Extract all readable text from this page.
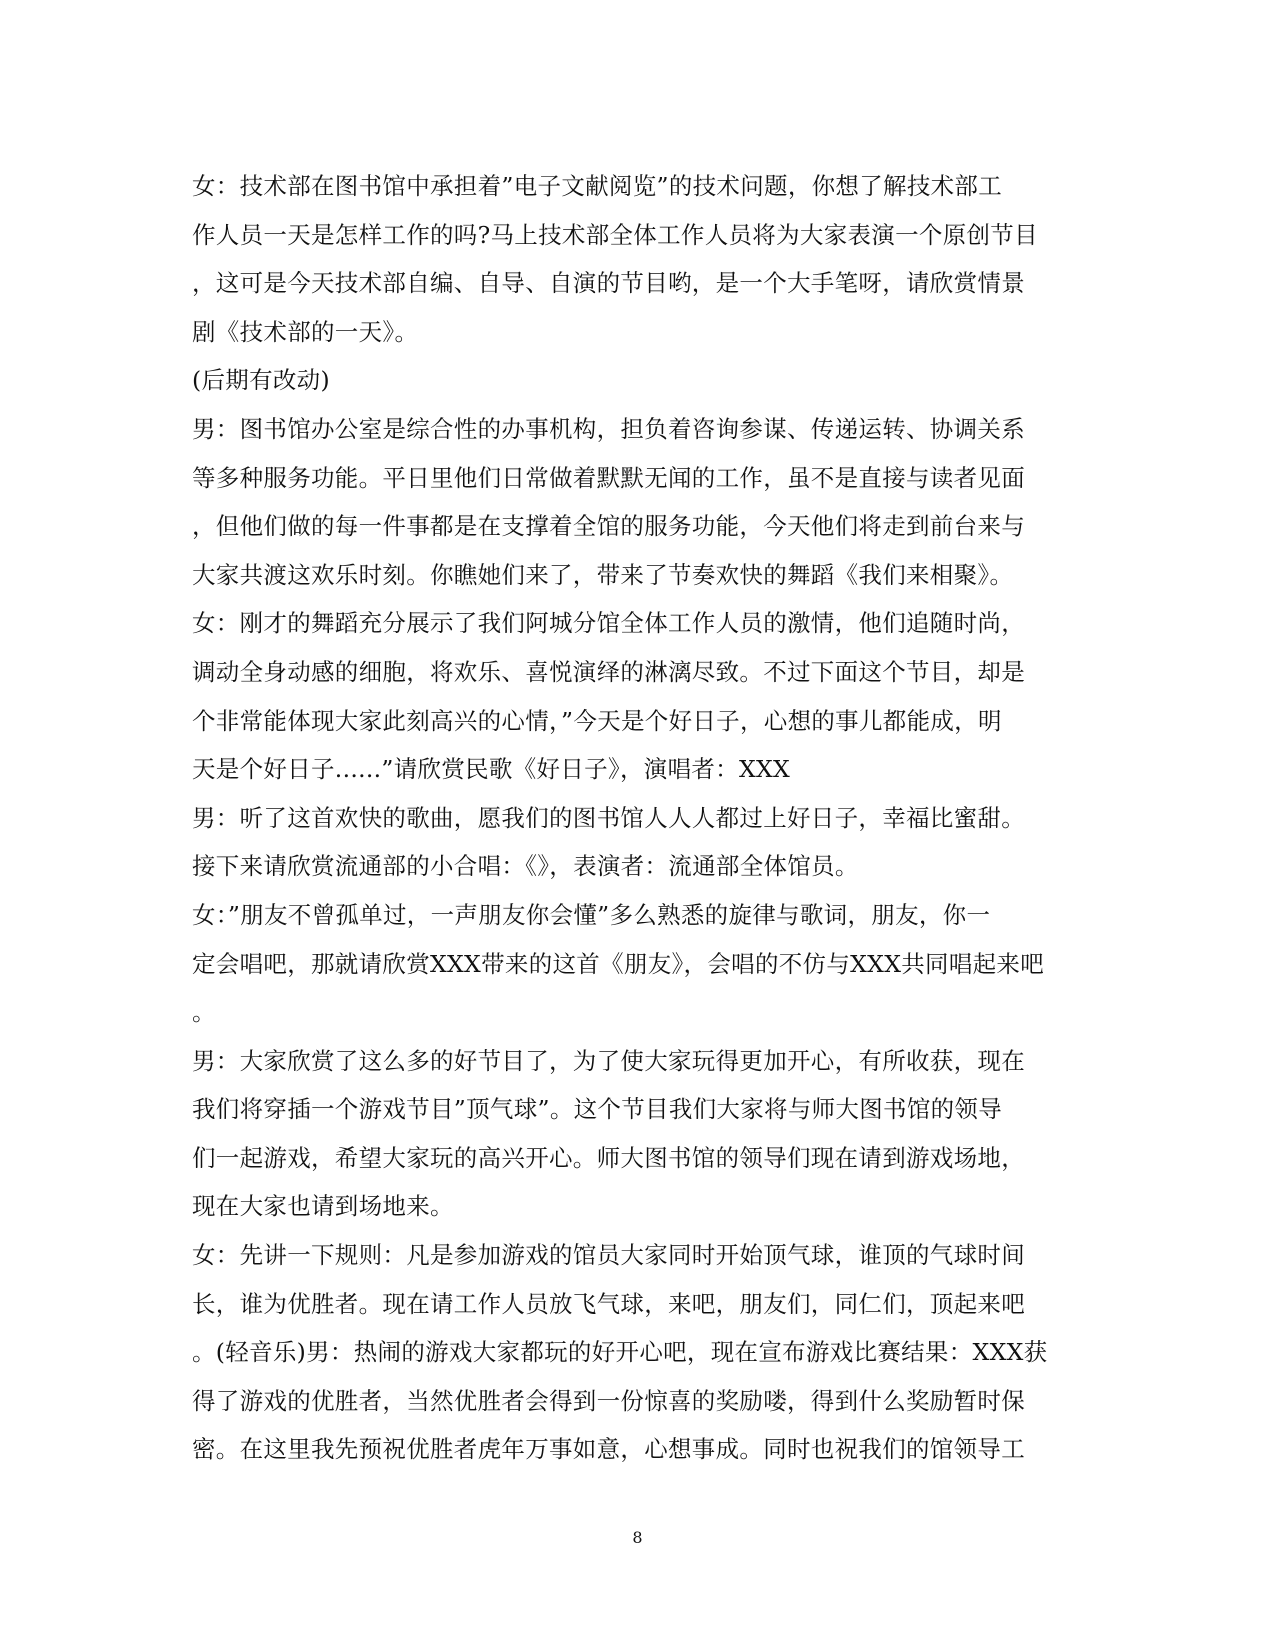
女：技术部在图书馆中承担着”电子文献阅览”的技术问题，你想了解技术部工
作人员一天是怎样工作的吗?马上技术部全体工作人员将为大家表演一个原创节目
，这可是今天技术部自编、自导、自演的节目哟，是一个大手笔呀，请欣赏情景
剧《技术部的一天》。
(后期有改动)
男：图书馆办公室是综合性的办事机构，担负着咨询参谋、传递运转、协调关系
等多种服务功能。平日里他们日常做着默默无闻的工作，虽不是直接与读者见面
，但他们做的每一件事都是在支撑着全馆的服务功能，今天他们将走到前台来与
大家共渡这欢乐时刻。你瞧她们来了，带来了节奏欢快的舞蹈《我们来相聚》。
女：刚才的舞蹈充分展示了我们阿城分馆全体工作人员的激情，他们追随时尚，
调动全身动感的细胞，将欢乐、喜悦演绎的淋漓尽致。不过下面这个节目，却是
个非常能体现大家此刻高兴的心情，”今天是个好日子，心想的事儿都能成，明
天是个好日子......”请欣赏民歌《好日子》，演唱者：XXX
男：听了这首欢快的歌曲，愿我们的图书馆人人人都过上好日子，幸福比蜜甜。
接下来请欣赏流通部的小合唱：《》，表演者：流通部全体馆员。
女：”朋友不曾孤单过，一声朋友你会懂”多么熟悉的旋律与歌词，朋友，你一
定会唱吧，那就请欣赏XXX带来的这首《朋友》，会唱的不仿与XXX共同唱起来吧
。
男：大家欣赏了这么多的好节目了，为了使大家玩得更加开心，有所收获，现在
我们将穿插一个游戏节目”顶气球”。这个节目我们大家将与师大图书馆的领导
们一起游戏，希望大家玩的高兴开心。师大图书馆的领导们现在请到游戏场地，
现在大家也请到场地来。
女：先讲一下规则：凡是参加游戏的馆员大家同时开始顶气球，谁顶的气球时间
长，谁为优胜者。现在请工作人员放飞气球，来吧，朋友们，同仁们，顶起来吧
。(轻音乐)男：热闹的游戏大家都玩的好开心吧，现在宣布游戏比赛结果：XXX获
得了游戏的优胜者，当然优胜者会得到一份惊喜的奖励喽，得到什么奖励暂时保
密。在这里我先预祝优胜者虎年万事如意，心想事成。同时也祝我们的馆领导工
8
